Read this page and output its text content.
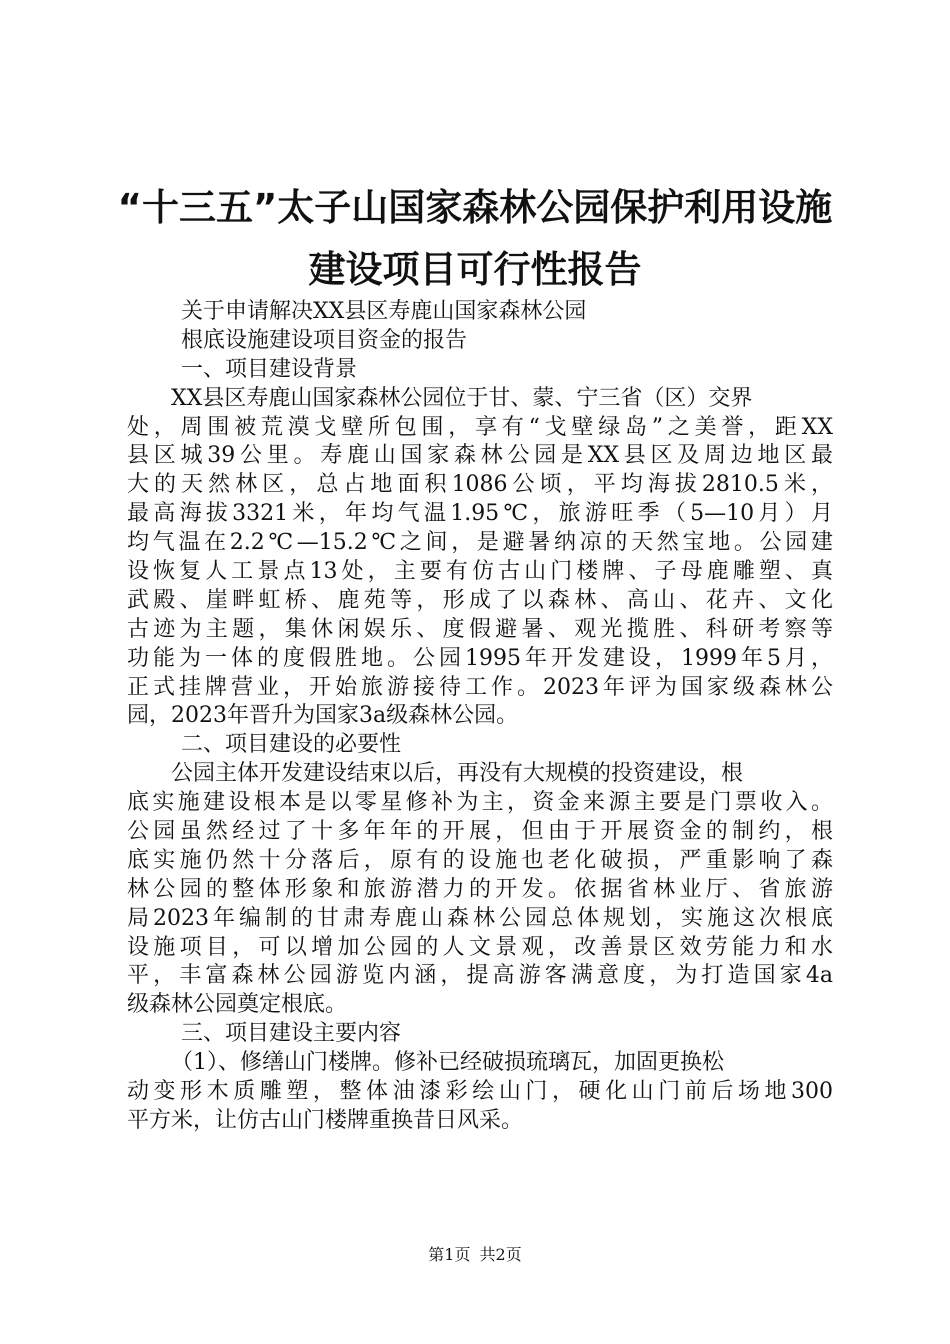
“十三五”太子山国家森林公园保护利用设施
建设项目可行性报告

关于申请解决XX县区寿鹿山国家森林公园

根底设施建设项目资金的报告

一、项目建设背景

XX县区寿鹿山国家森林公园位于甘、蒙、宁三省（区）交界

处，周围被荒漠戈壁所包围，享有“戈壁绿岛”之美誉，距XX

县区城39公里。寿鹿山国家森林公园是XX县区及周边地区最

大的天然林区，总占地面积1086公顷，平均海拔2810.5米，

最高海拔3321米，年均气温1.95℃，旅游旺季（5—10月）月

均气温在2.2℃—15.2℃之间，是避暑纳凉的天然宝地。公园建

设恢复人工景点13处，主要有仿古山门楼牌、子母鹿雕塑、真

武殿、崖畔虹桥、鹿苑等，形成了以森林、高山、花卉、文化

古迹为主题，集休闲娱乐、度假避暑、观光揽胜、科研考察等

功能为一体的度假胜地。公园1995年开发建设，1999年5月，

正式挂牌营业，开始旅游接待工作。2023年评为国家级森林公

园，2023年晋升为国家3a级森林公园。

二、项目建设的必要性

公园主体开发建设结束以后，再没有大规模的投资建设，根

底实施建设根本是以零星修补为主，资金来源主要是门票收入。

公园虽然经过了十多年年的开展，但由于开展资金的制约，根

底实施仍然十分落后，原有的设施也老化破损，严重影响了森

林公园的整体形象和旅游潜力的开发。依据省林业厅、省旅游

局2023年编制的甘肃寿鹿山森林公园总体规划，实施这次根底

设施项目，可以增加公园的人文景观，改善景区效劳能力和水

平，丰富森林公园游览内涵，提高游客满意度，为打造国家4a

级森林公园奠定根底。

三、项目建设主要内容

（1）、修缮山门楼牌。修补已经破损琉璃瓦，加固更换松

动变形木质雕塑，整体油漆彩绘山门，硬化山门前后场地300

平方米，让仿古山门楼牌重换昔日风采。

第1页 共2页
